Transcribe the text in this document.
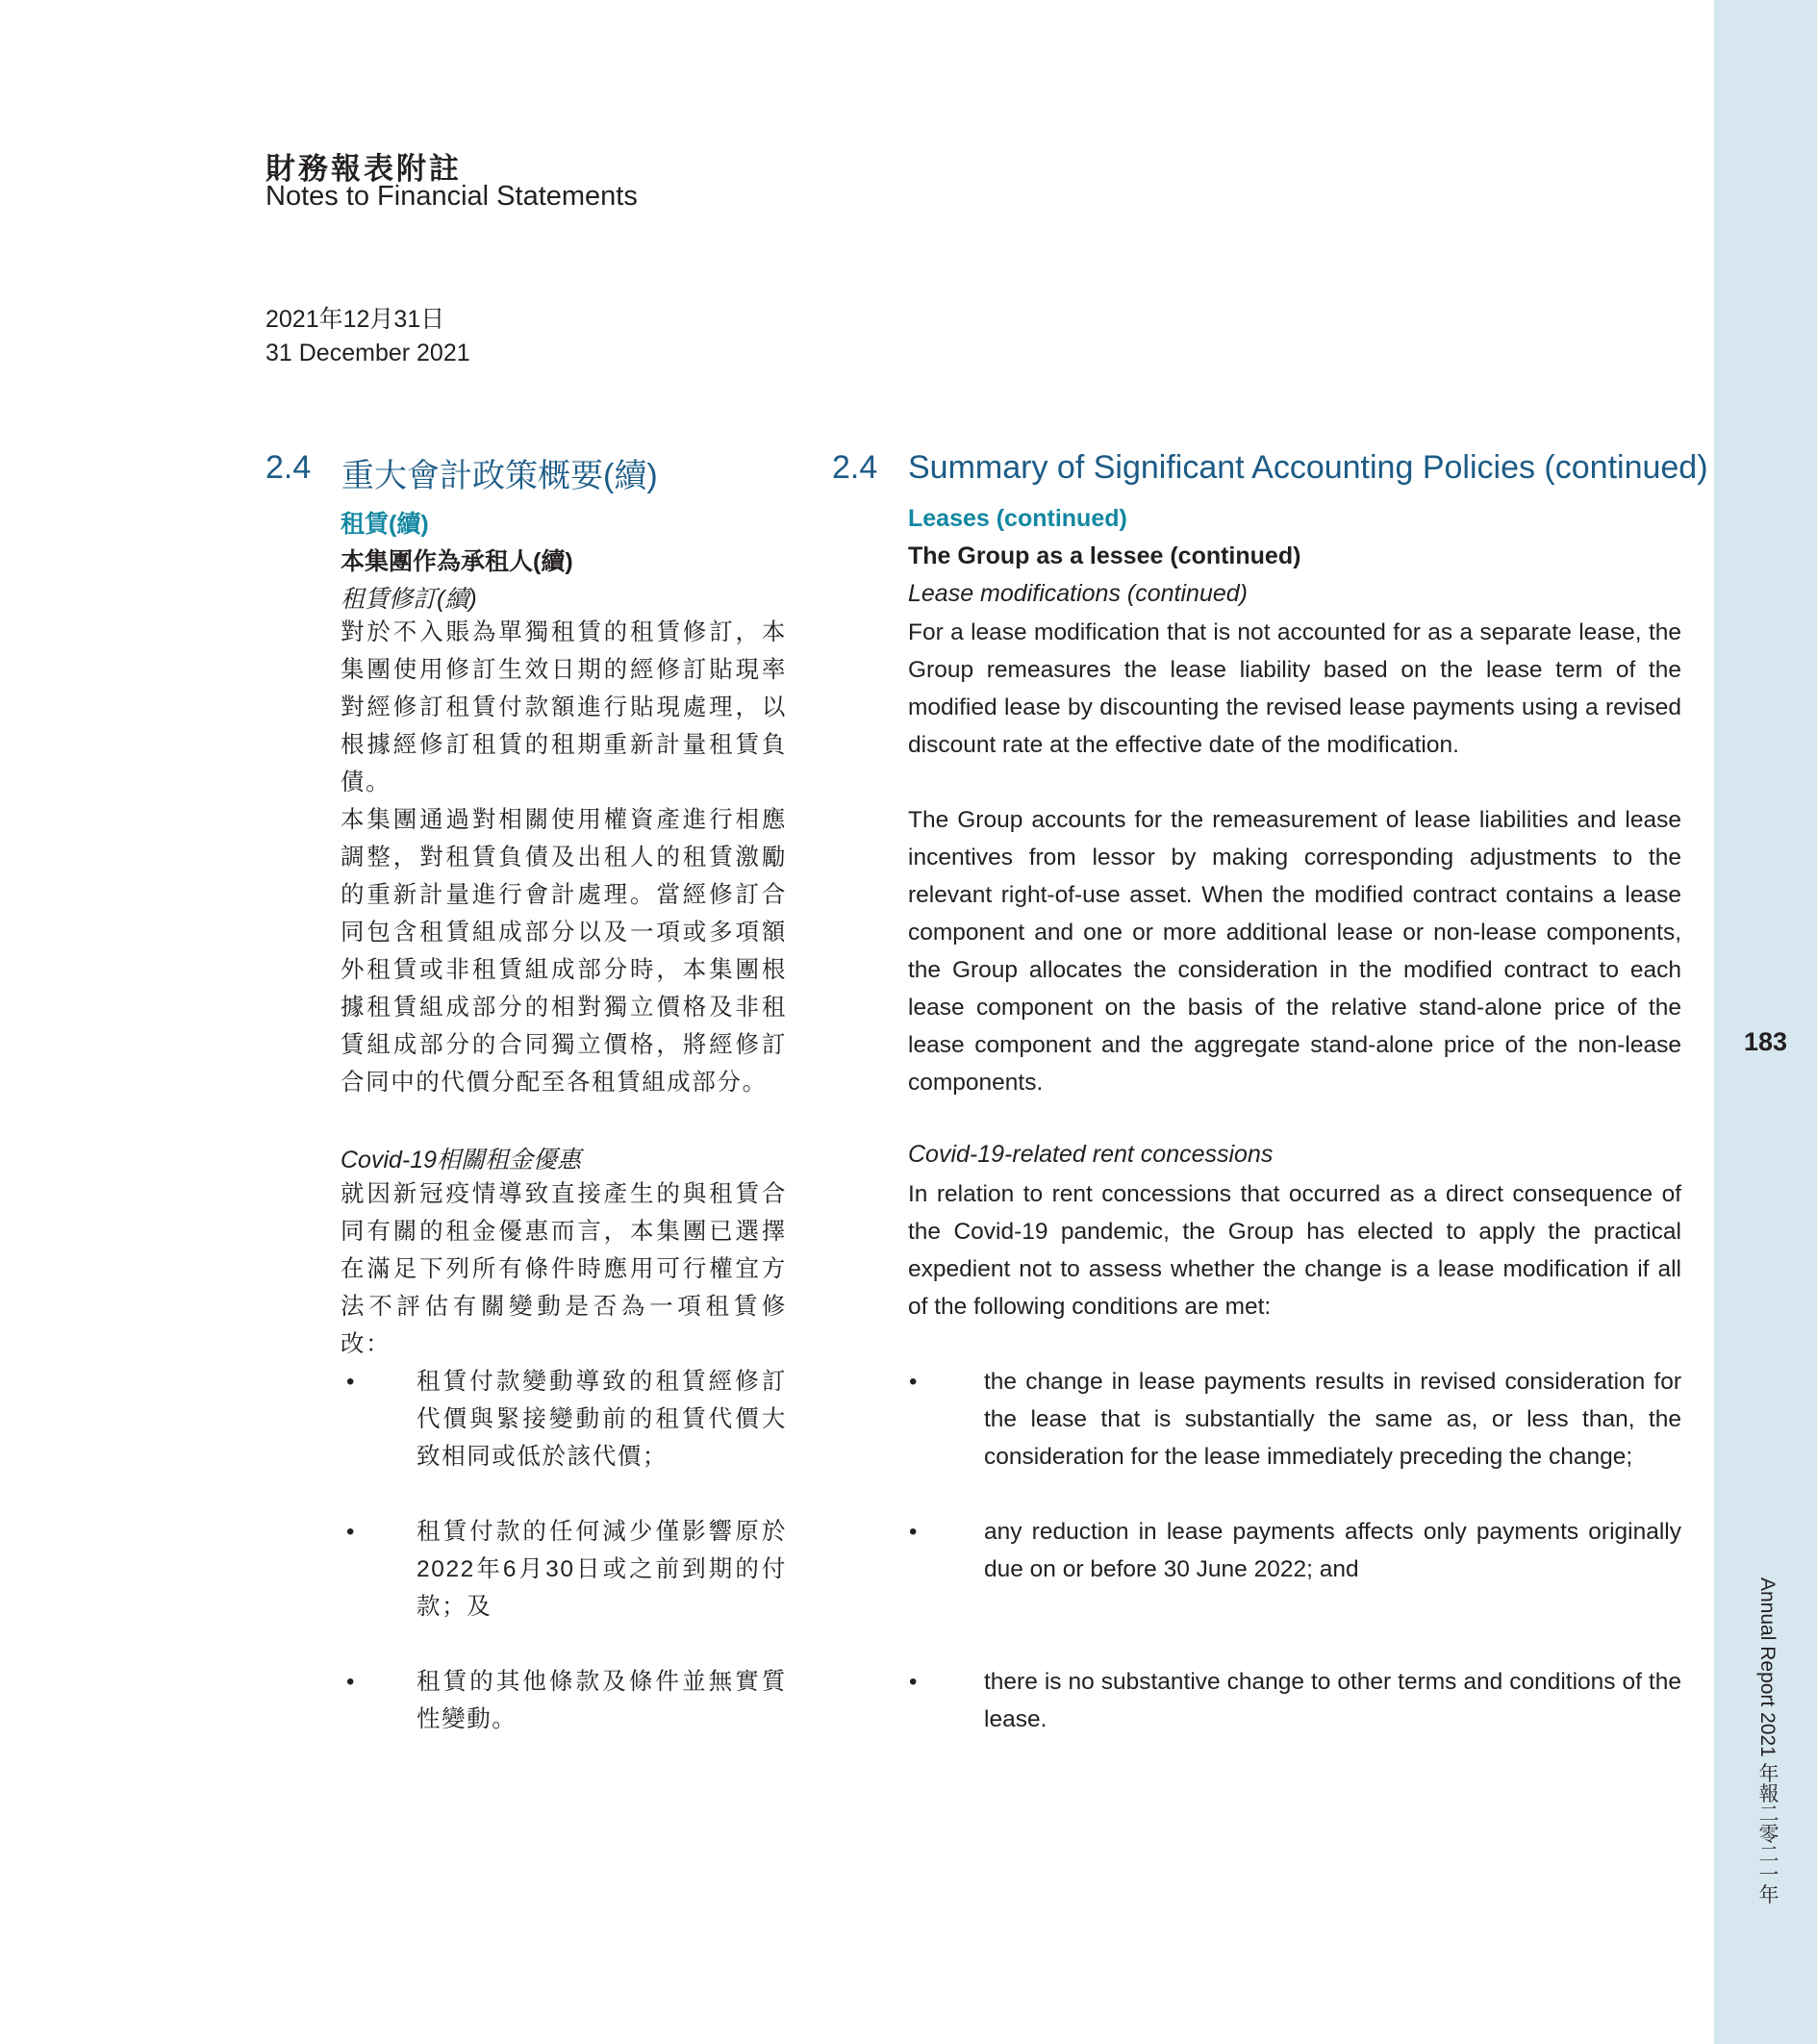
183
Annual Report 2021 年報二零二一年
財務報表附註
Notes to Financial Statements
2021年12月31日
31 December 2021
2.4 重大會計政策概要(續)
租賃(續)
本集團作為承租人(續)
租賃修訂(續)

對於不入賬為單獨租賃的租賃修訂，本集團使用修訂生效日期的經修訂貼現率對經修訂租賃付款額進行貼現處理，以根據經修訂租賃的租期重新計量租賃負債。

本集團通過對相關使用權資產進行相應調整，對租賃負債及出租人的租賃激勵的重新計量進行會計處理。當經修訂合同包含租賃組成部分以及一項或多項額外租賃或非租賃組成部分時，本集團根據租賃組成部分的相對獨立價格及非租賃組成部分的合同獨立價格，將經修訂合同中的代價分配至各租賃組成部分。

Covid-19相關租金優惠

就因新冠疫情導致直接產生的與租賃合同有關的租金優惠而言，本集團已選擇在滿足下列所有條件時應用可行權宜方法不評估有關變動是否為一項租賃修改：

•	租賃付款變動導致的租賃經修訂代價與緊接變動前的租賃代價大致相同或低於該代價；

•	租賃付款的任何減少僅影響原於2022年6月30日或之前到期的付款；及

•	租賃的其他條款及條件並無實質性變動。

2.4 Summary of Significant Accounting Policies (continued)
Leases (continued)
The Group as a lessee (continued)
Lease modifications (continued)

For a lease modification that is not accounted for as a separate lease, the Group remeasures the lease liability based on the lease term of the modified lease by discounting the revised lease payments using a revised discount rate at the effective date of the modification.

The Group accounts for the remeasurement of lease liabilities and lease incentives from lessor by making corresponding adjustments to the relevant right-of-use asset. When the modified contract contains a lease component and one or more additional lease or non-lease components, the Group allocates the consideration in the modified contract to each lease component on the basis of the relative stand-alone price of the lease component and the aggregate stand-alone price of the non-lease components.

Covid-19-related rent concessions

In relation to rent concessions that occurred as a direct consequence of the Covid-19 pandemic, the Group has elected to apply the practical expedient not to assess whether the change is a lease modification if all of the following conditions are met:

•	the change in lease payments results in revised consideration for the lease that is substantially the same as, or less than, the consideration for the lease immediately preceding the change;

•	any reduction in lease payments affects only payments originally due on or before 30 June 2022; and

•	there is no substantive change to other terms and conditions of the lease.
